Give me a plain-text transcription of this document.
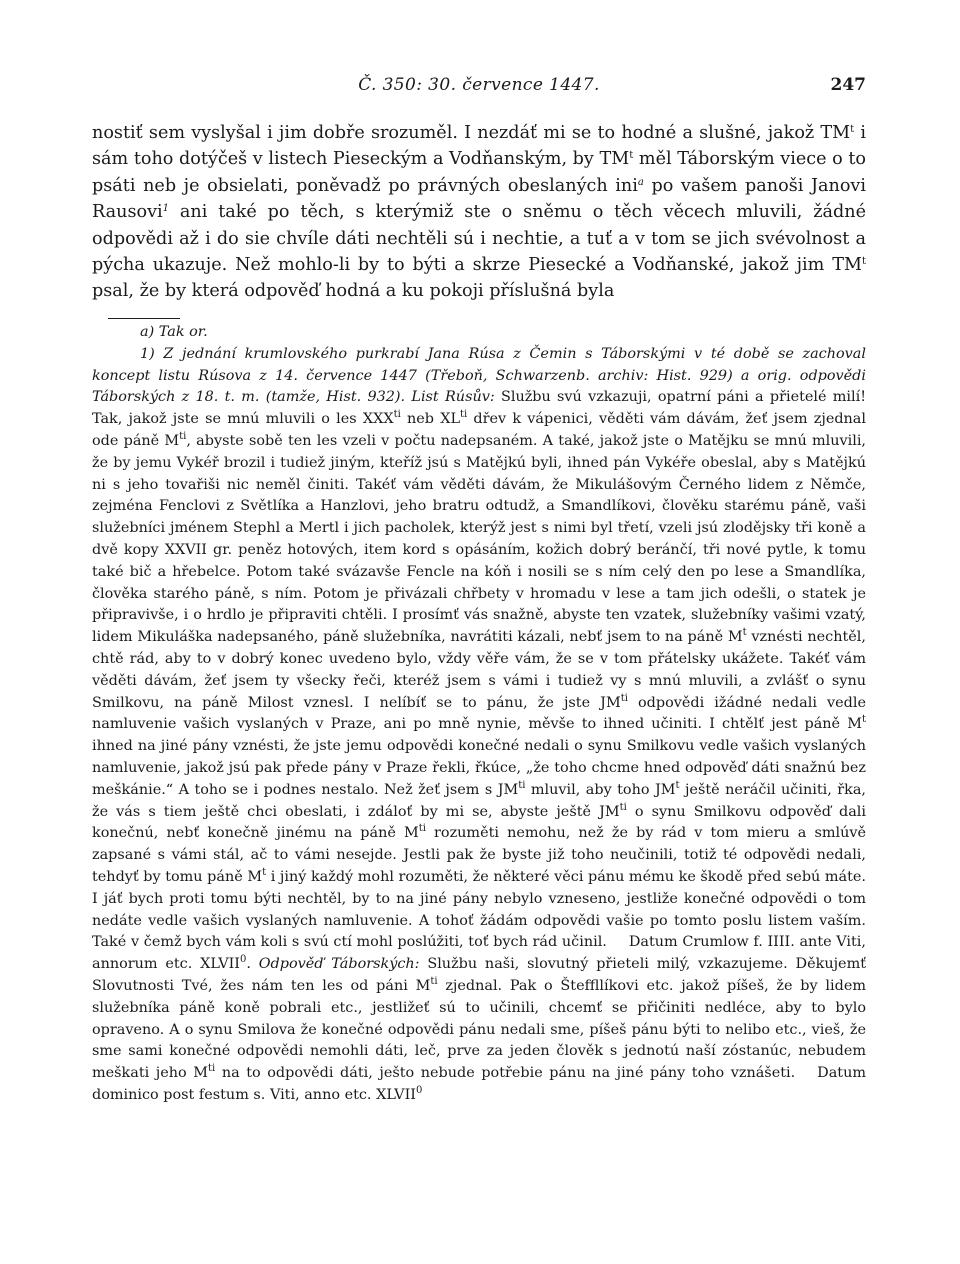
Č. 350: 30. července 1447.	247
nostiť sem vyslyšal i jim dobře srozuměl. I nezdáť mi se to hodné a slušné, jakož $TM^t$ i sám toho dotýčeš v listech Pieseckým a Vodňanským, by $TM^t$ měl Táborským viece o to psáti neb je obsielati, poněvadž po právných obeslaných ini$^a$ po vašem panoši Janovi Rausovi$^1$ ani také po těch, s kterýmiž ste o sněmu o těch věcech mluvili, žádné odpovědi až i do sie chvíle dáti nechtěli sú i nechtie, a tuť a v tom se jich svévolnost a pýcha ukazuje. Než mohlo-li by to býti a skrze Piesecké a Vodňanské, jakož jim $TM^t$ psal, že by která odpověď hodná a ku pokoji příslušná byla

a) Tak or.

1) Z jednání krumlovského purkrabí Jana Rúsa z Čemin s Táborskými v té době se zachoval koncept listu Rúsova z 14. července 1447 (Třeboň, Schwarzenb. archiv: Hist. 929) a orig. odpovědi Táborských z 18. t. m. (tamže, Hist. 932). List Rúsův: Službu svú vzkazuji, opatrní páni a přietelé milí! Tak, jakož jste se mnú mluvili o les $XXX^{ti}$ neb $XL^{ti}$ dřev k vápenici, věděti vám dávám, žeť jsem zjednal ode páně $M^{ti}$, abyste sobě ten les vzeli v počtu nadepsaném. A také, jakož jste o Matějku se mnú mluvili, že by jemu Vykéř brozil i tudiež jiným, kteříž jsú s Matějkú byli, ihned pán Vykéře obeslal, aby s Matějkú ni s jeho tovařiši nic neměl činiti. Takéť vám věděti dávám, že Mikulášovým Černého lidem z Němče, zejména Fenclovi z Světlíka a Hanzlovi, jeho bratru odtudž, a Smandlíkovi, člověku starému páně, vaši služebníci jménem Stephl a Mertl i jich pacholek, kterýž jest s nimi byl třetí, vzeli jsú zlodějsky tři koně a dvě kopy XXVII gr. peněz hotových, item kord s opásáním, kožich dobrý beránčí, tři nové pytle, k tomu také bič a hřebelce. Potom také svázavše Fencle na kóň i nosili se s ním celý den po lese a Smandlíka, člověka starého páně, s ním. Potom je přivázali chřbety v hromadu v lese a tam jich odešli, o statek je připravivše, i o hrdlo je připraviti chtěli. I prosímť vás snažně, abyste ten vzatek, služebníky vašimi vzatý, lidem Mikuláška nadepsaného, páně služebníka, navrátiti kázali, nebť jsem to na páně $M^t$ vznésti nechtěl, chtě rád, aby to v dobrý konec uvedeno bylo, vždy věře vám, že se v tom přátelsky ukážete. Takéť vám věděti dávám, žeť jsem ty všecky řeči, kteréž jsem s vámi i tudiež vy s mnú mluvili, a zvlášť o synu Smilkovu, na páně Milost vznesl. I nelíbíť se to pánu, že jste $JM^{ti}$ odpovědi ižádné nedali vedle namluvenie vašich vyslaných v Praze, ani po mně nynie, měvše to ihned učiniti. I chtělť jest páně $M^t$ ihned na jiné pány vznésti, že jste jemu odpovědi konečné nedali o synu Smilkovu vedle vašich vyslaných namluvenie, jakož jsú pak přede pány v Praze řekli, řkúce, „že toho chcme hned odpověď dáti snažnú bez meškánie.“ A toho se i podnes nestalo. Než žeť jsem s $JM^{ti}$ mluvil, aby toho $JM^t$ ještě neráčil učiniti, řka, že vás s tiem ještě chci obeslati, i zdáloť by mi se, abyste ještě $JM^{ti}$ o synu Smilkovu odpověď dali konečnú, nebť konečně jinému na páně $M^{ti}$ rozuměti nemohu, než že by rád v tom mieru a smlúvě zapsané s vámi stál, ač to vámi nesejde. Jestli pak že byste již toho neučinili, totiž té odpovědi nedali, tehdyť by tomu páně $M^t$ i jiný každý mohl rozuměti, že některé věci pánu mému ke škodě před sebú máte. I jáť bych proti tomu býti nechtěl, by to na jiné pány nebylo vzneseno, jestliže konečné odpovědi o tom nedáte vedle vašich vyslaných namluvenie. A tohoť žádám odpovědi vašie po tomto poslu listem vaším. Také v čemž bych vám koli s svú ctí mohl poslúžiti, toť bych rád učinil. Datum Crumlow f. IIII. ante Viti, annorum etc. XLVII$^0$. Odpověď Táborských: Službu naši, slovutný přieteli milý, vzkazujeme. Děkujemť Slovutnosti Tvé, žes nám ten les od páni $M^{ti}$ zjednal. Pak o Šteffllíkovi etc. jakož píšeš, že by lidem služebníka páně koně pobrali etc., jestližeť sú to učinili, chcemť se přičiniti nedléce, aby to bylo opraveno. A o synu Smilova že konečné odpovědi pánu nedali sme, píšeš pánu býti to nelibo etc., vieš, že sme sami konečné odpovědi nemohli dáti, leč, prve za jeden člověk s jednotú naší zóstanúc, nebudem meškati jeho $M^{ti}$ na to odpovědi dáti, ješto nebude potřebie pánu na jiné pány toho vznášeti. Datum dominico post festum s. Viti, anno etc. XLVII$^0$
